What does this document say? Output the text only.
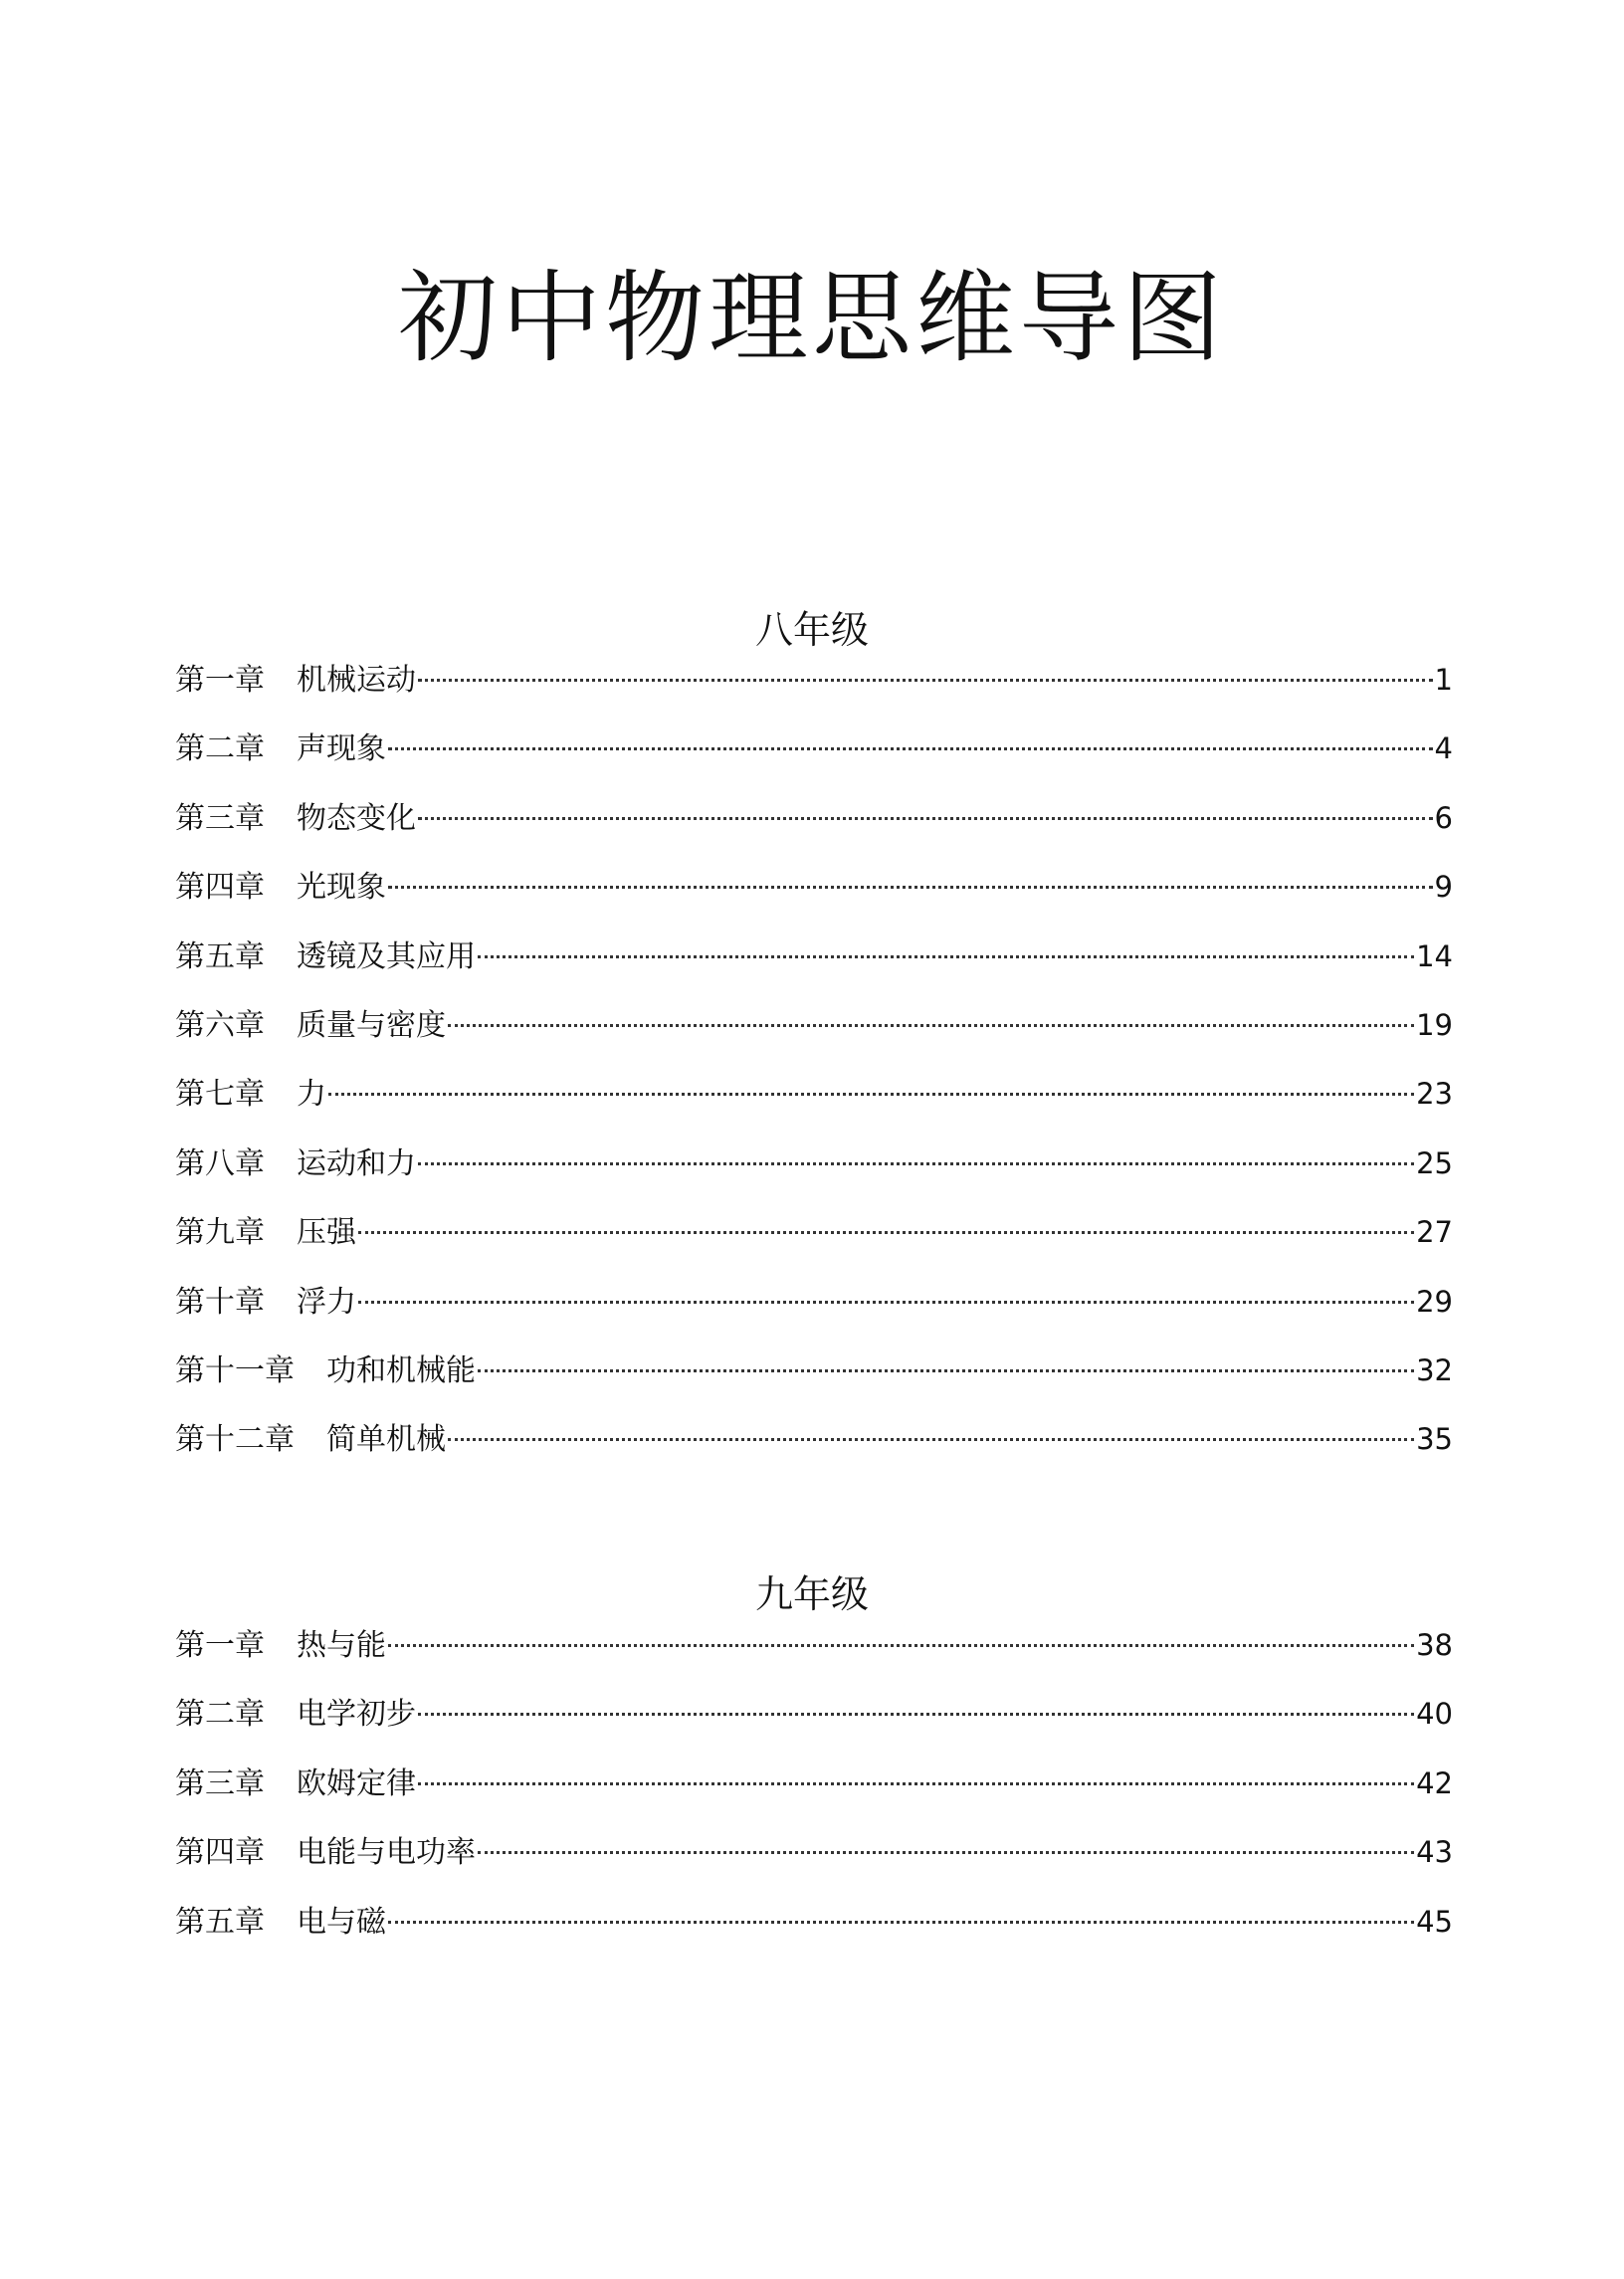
初中物理思维导图
八年级
第一章 机械运动	1
第二章 声现象	4
第三章 物态变化	6
第四章 光现象	9
第五章 透镜及其应用	14
第六章 质量与密度	19
第七章 力	23
第八章 运动和力	25
第九章 压强	27
第十章 浮力	29
第十一章 功和机械能	32
第十二章 简单机械	35
九年级
第一章 热与能	38
第二章 电学初步	40
第三章 欧姆定律	42
第四章 电能与电功率	43
第五章 电与磁	45
